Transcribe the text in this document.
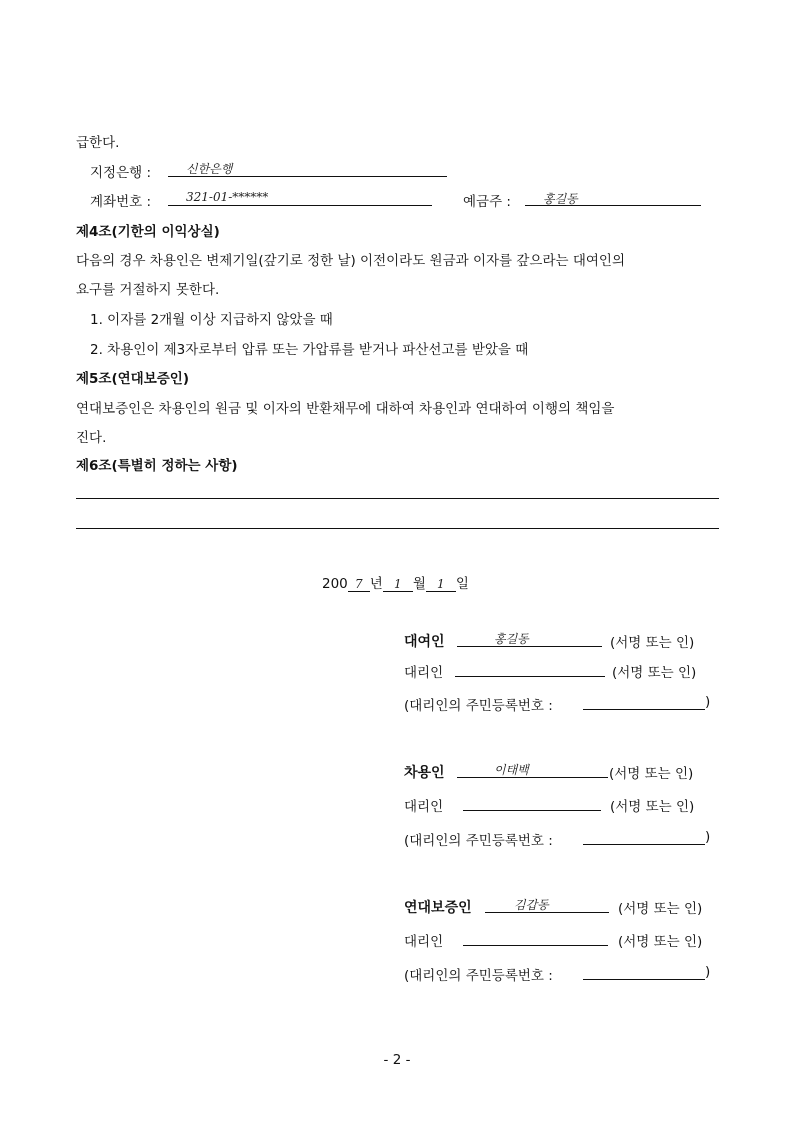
급한다.
지정은행 :	신한은행
계좌번호 :	321-01-******	예금주 :	홍길동
제4조(기한의 이익상실)
다음의 경우 차용인은 변제기일(갚기로 정한 날) 이전이라도 원금과 이자를 갚으라는 대여인의
요구를 거절하지 못한다.
1. 이자를 2개월 이상 지급하지 않았을 때
2. 차용인이 제3자로부터 압류 또는 가압류를 받거나 파산선고를 받았을 때
제5조(연대보증인)
연대보증인은 차용인의 원금 및 이자의 반환채무에 대하여 차용인과 연대하여 이행의 책임을
진다.
제6조(특별히 정하는 사항)
200 7 년 1 월 1 일
대여인	홍길동	(서명 또는 인)
대리인	(서명 또는 인)
(대리인의 주민등록번호 :	)
차용인	이태백	(서명 또는 인)
대리인	(서명 또는 인)
(대리인의 주민등록번호 :	)
연대보증인	김갑동	(서명 또는 인)
대리인	(서명 또는 인)
(대리인의 주민등록번호 :	)
- 2 -
